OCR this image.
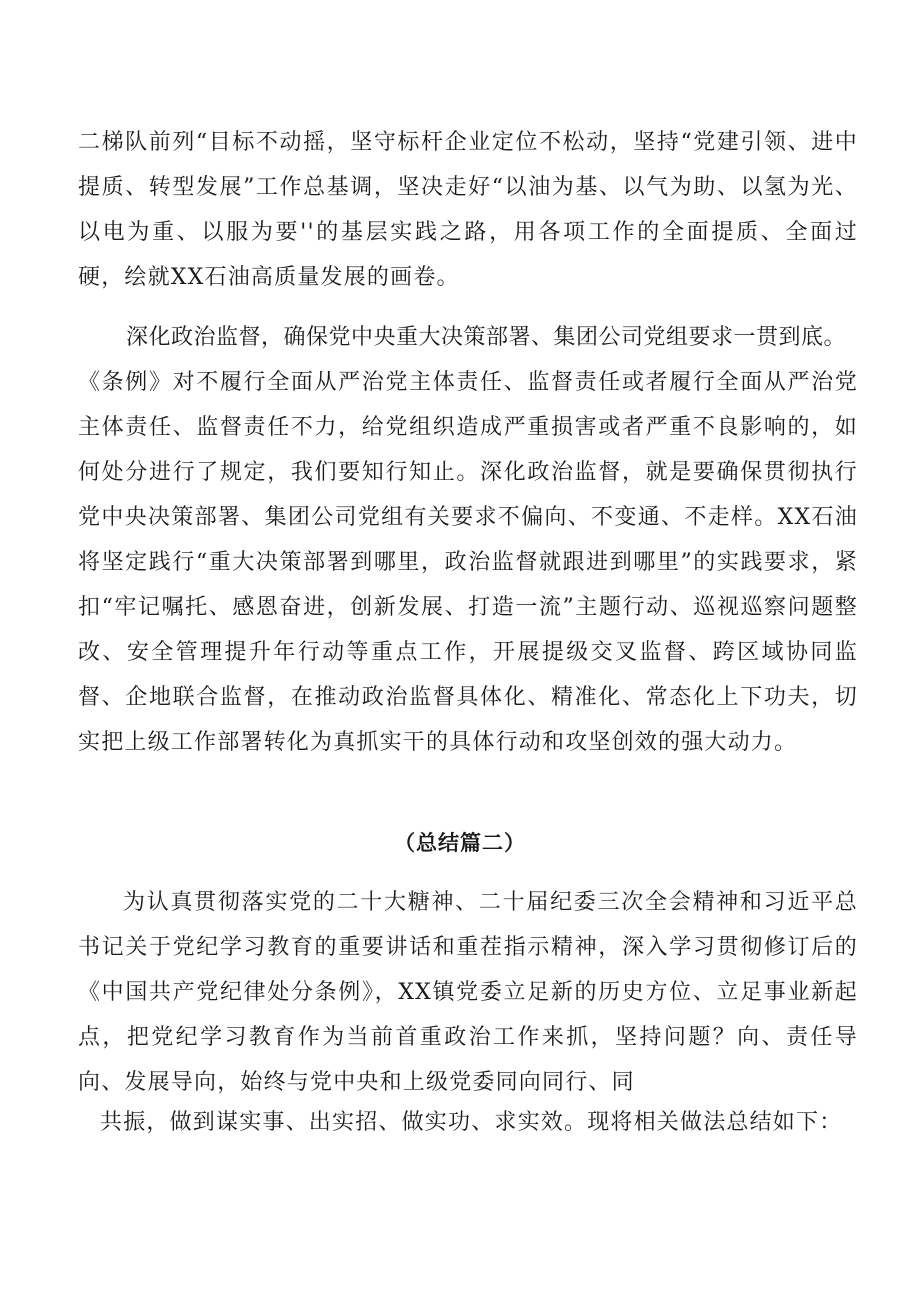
二梯队前列“目标不动摇，坚守标杆企业定位不松动，坚持“党建引领、进中提质、转型发展”工作总基调，坚决走好“以油为基、以气为助、以氢为光、以电为重、以服为要''的基层实践之路，用各项工作的全面提质、全面过硬，绘就XX石油高质量发展的画卷。

深化政治监督，确保党中央重大决策部署、集团公司党组要求一贯到底。

《条例》对不履行全面从严治党主体责任、监督责任或者履行全面从严治党主体责任、监督责任不力，给党组织造成严重损害或者严重不良影响的，如何处分进行了规定，我们要知行知止。深化政治监督，就是要确保贯彻执行党中央决策部署、集团公司党组有关要求不偏向、不变通、不走样。XX石油将坚定践行“重大决策部署到哪里，政治监督就跟进到哪里”的实践要求，紧扣“牢记嘱托、感恩奋进，创新发展、打造一流”主题行动、巡视巡察问题整改、安全管理提升年行动等重点工作，开展提级交叉监督、跨区域协同监督、企地联合监督，在推动政治监督具体化、精准化、常态化上下功夫，切实把上级工作部署转化为真抓实干的具体行动和攻坚创效的强大动力。

（总结篇二）

为认真贯彻落实党的二十大糖神、二十届纪委三次全会精神和习近平总书记关于党纪学习教育的重要讲话和重茬指示精神，深入学习贯彻修订后的《中国共产党纪律处分条例》，XX镇党委立足新的历史方位、立足事业新起点，把党纪学习教育作为当前首重政治工作来抓，坚持问题？向、责任导向、发展导向，始终与党中央和上级党委同向同行、同

共振，做到谋实事、出实招、做实功、求实效。现将相关做法总结如下：
